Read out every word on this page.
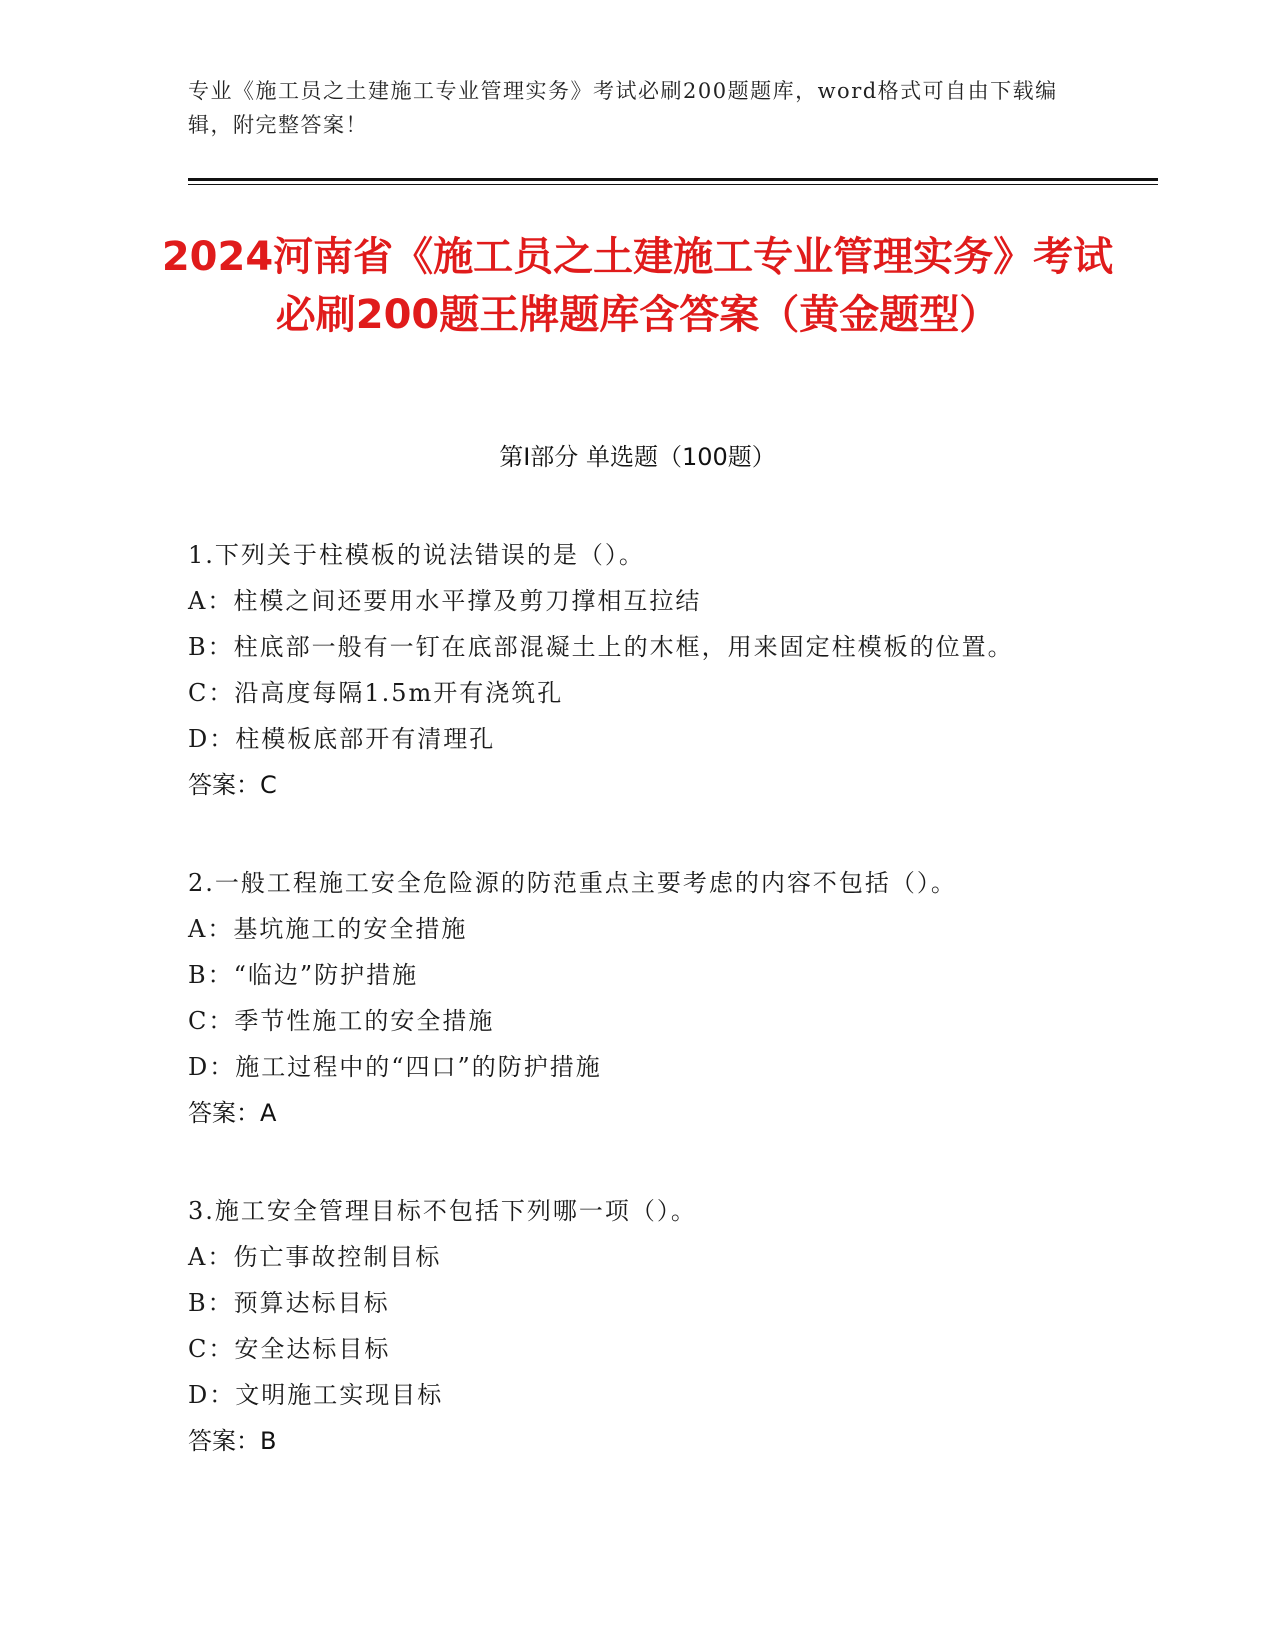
专业《施工员之土建施工专业管理实务》考试必刷200题题库，word格式可自由下载编辑，附完整答案！
2024河南省《施工员之土建施工专业管理实务》考试必刷200题王牌题库含答案（黄金题型）
第I部分 单选题（100题）
1.下列关于柱模板的说法错误的是（）。
A：柱模之间还要用水平撑及剪刀撑相互拉结
B：柱底部一般有一钉在底部混凝土上的木框，用来固定柱模板的位置。
C：沿高度每隔1.5m开有浇筑孔
D：柱模板底部开有清理孔
答案：C
2.一般工程施工安全危险源的防范重点主要考虑的内容不包括（）。
A：基坑施工的安全措施
B：“临边”防护措施
C：季节性施工的安全措施
D：施工过程中的“四口”的防护措施
答案：A
3.施工安全管理目标不包括下列哪一项（）。
A：伤亡事故控制目标
B：预算达标目标
C：安全达标目标
D：文明施工实现目标
答案：B
